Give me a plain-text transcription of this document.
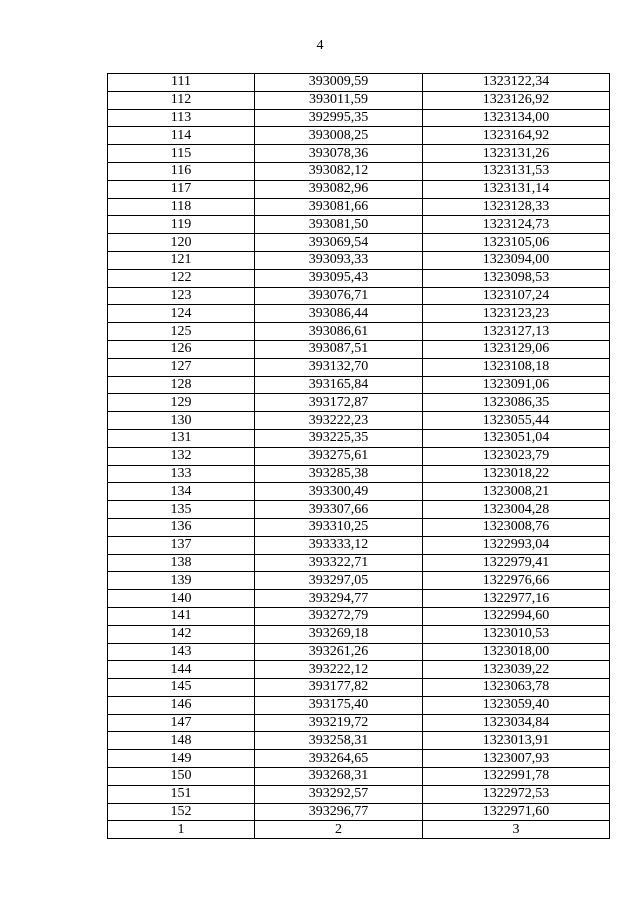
4
111	393009,59	1323122,34
112	393011,59	1323126,92
113	392995,35	1323134,00
114	393008,25	1323164,92
115	393078,36	1323131,26
116	393082,12	1323131,53
117	393082,96	1323131,14
118	393081,66	1323128,33
119	393081,50	1323124,73
120	393069,54	1323105,06
121	393093,33	1323094,00
122	393095,43	1323098,53
123	393076,71	1323107,24
124	393086,44	1323123,23
125	393086,61	1323127,13
126	393087,51	1323129,06
127	393132,70	1323108,18
128	393165,84	1323091,06
129	393172,87	1323086,35
130	393222,23	1323055,44
131	393225,35	1323051,04
132	393275,61	1323023,79
133	393285,38	1323018,22
134	393300,49	1323008,21
135	393307,66	1323004,28
136	393310,25	1323008,76
137	393333,12	1322993,04
138	393322,71	1322979,41
139	393297,05	1322976,66
140	393294,77	1322977,16
141	393272,79	1322994,60
142	393269,18	1323010,53
143	393261,26	1323018,00
144	393222,12	1323039,22
145	393177,82	1323063,78
146	393175,40	1323059,40
147	393219,72	1323034,84
148	393258,31	1323013,91
149	393264,65	1323007,93
150	393268,31	1322991,78
151	393292,57	1322972,53
152	393296,77	1322971,60
1	2	3
